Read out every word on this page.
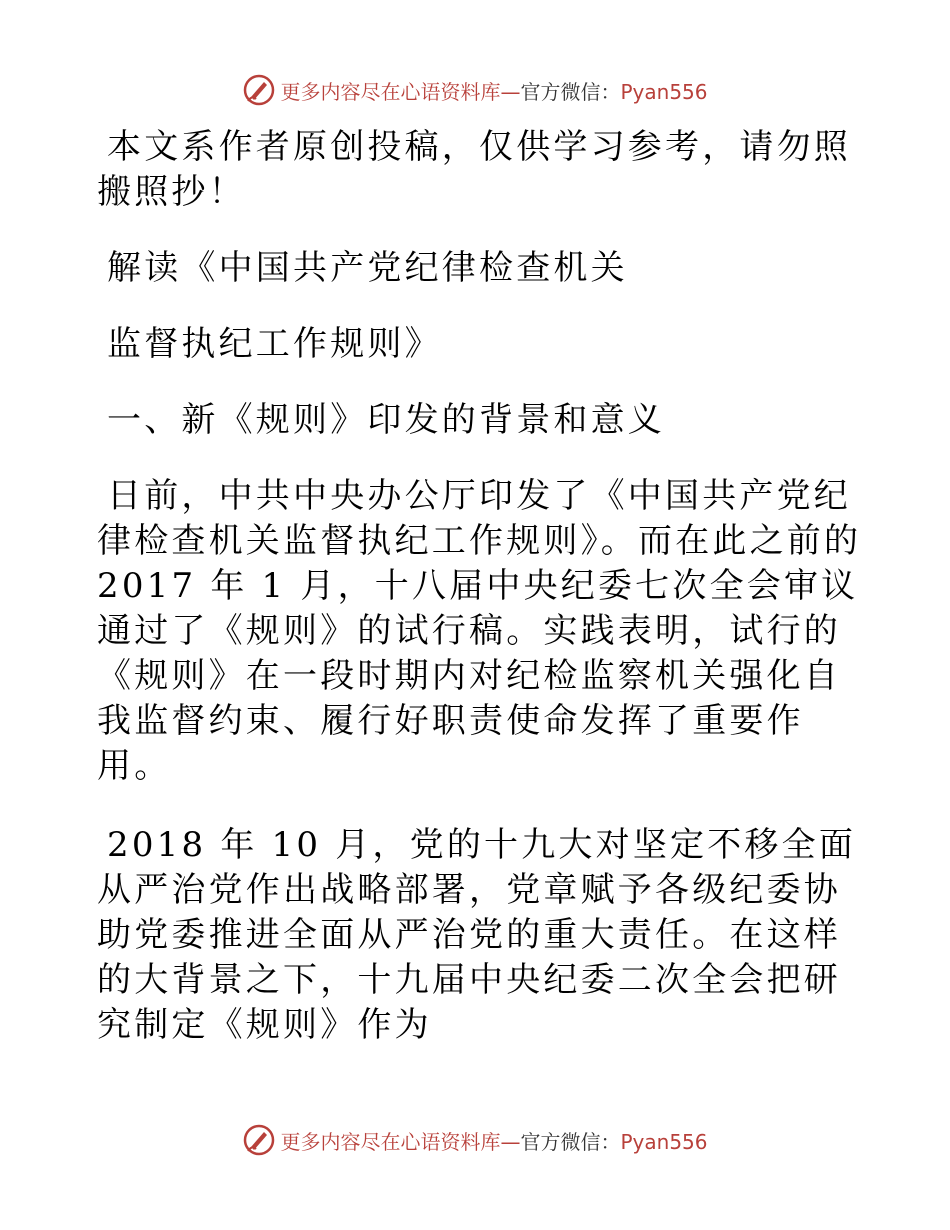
更多内容尽在心语资料库—官方微信：Pyan556

本文系作者原创投稿，仅供学习参考，请勿照搬照抄！

解读《中国共产党纪律检查机关

监督执纪工作规则》

一、新《规则》印发的背景和意义

日前，中共中央办公厅印发了《中国共产党纪律检查机关监督执纪工作规则》。而在此之前的 2017 年 1 月，十八届中央纪委七次全会审议通过了《规则》的试行稿。实践表明，试行的《规则》在一段时期内对纪检监察机关强化自我监督约束、履行好职责使命发挥了重要作用。

2018 年 10 月，党的十九大对坚定不移全面从严治党作出战略部署，党章赋予各级纪委协助党委推进全面从严治党的重大责任。在这样的大背景之下，十九届中央纪委二次全会把研究制定《规则》作为

更多内容尽在心语资料库—官方微信：Pyan556
